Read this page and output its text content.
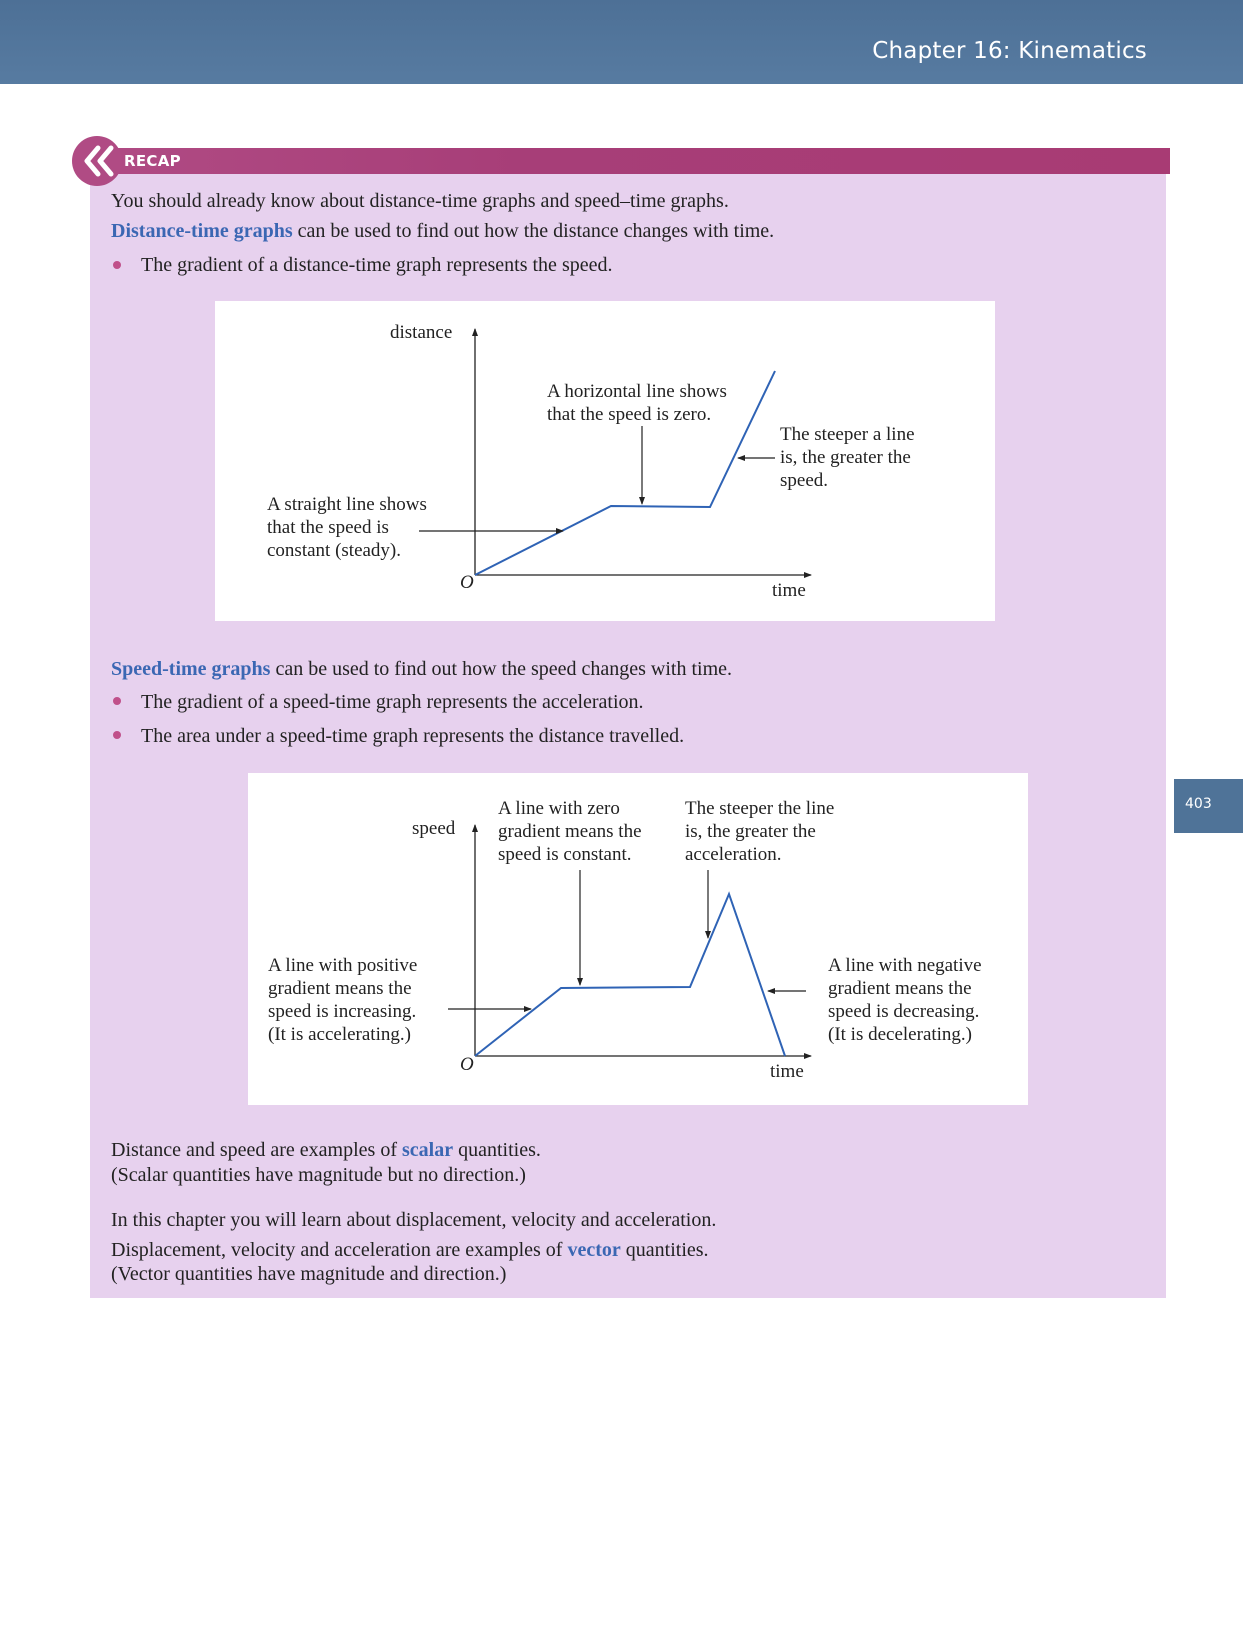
Chapter 16: Kinematics
RECAP
You should already know about distance-time graphs and speed–time graphs.
Distance-time graphs can be used to find out how the distance changes with time.
The gradient of a distance-time graph represents the speed.
distance
time
O
A horizontal line shows
that the speed is zero.
The steeper a line
is, the greater the
speed.
A straight line shows
that the speed is
constant (steady).
Speed-time graphs can be used to find out how the speed changes with time.
The gradient of a speed-time graph represents the acceleration.
The area under a speed-time graph represents the distance travelled.
speed
time
O
A line with zero
gradient means the
speed is constant.
The steeper the line
is, the greater the
acceleration.
A line with positive
gradient means the
speed is increasing.
(It is accelerating.)
A line with negative
gradient means the
speed is decreasing.
(It is decelerating.)
Distance and speed are examples of scalar quantities.
(Scalar quantities have magnitude but no direction.)
In this chapter you will learn about displacement, velocity and acceleration.
Displacement, velocity and acceleration are examples of vector quantities.
(Vector quantities have magnitude and direction.)
403
